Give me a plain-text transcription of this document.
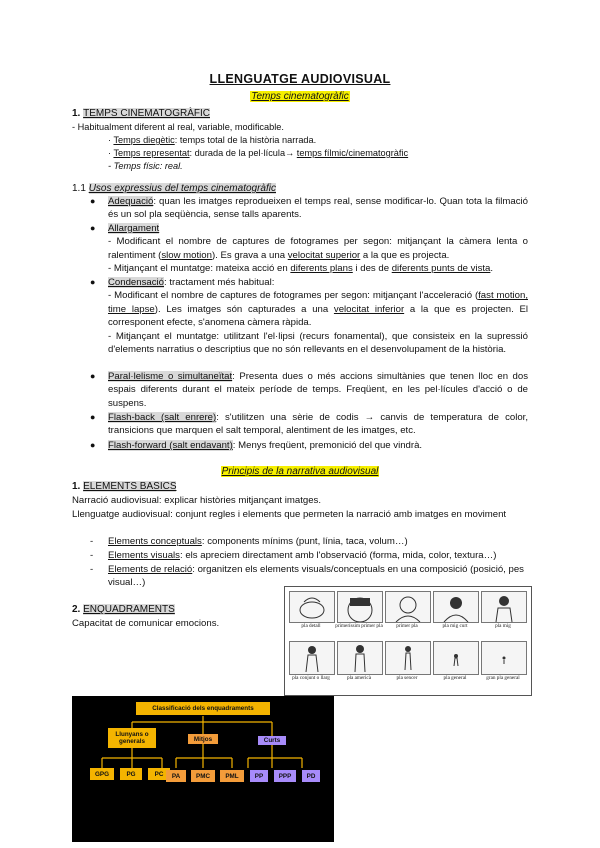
LLENGUATGE AUDIOVISUAL
Temps cinematogràfic
1. TEMPS CINEMATOGRÀFIC
- Habitualment diferent al real, variable, modificable.
· Temps diegètic: temps total de la història narrada.
· Temps representat: durada de la pel·lícula→ temps fílmic/cinematogràfic
- Temps físic: real.
1.1 Usos expressius del temps cinematogràfic
● Adequació: quan les imatges reprodueixen el temps real, sense modificar-lo. Quan tota la filmació és un sol pla seqüència, sense talls aparents.
● Allargament
- Modificant el nombre de captures de fotogrames per segon: mitjançant la càmera lenta o ralentiment (slow motion). Es grava a una velocitat superior a la que es projecta.
- Mitjançant el muntatge: mateixa acció en diferents plans i des de diferents punts de vista.
● Condensació: tractament més habitual:
- Modificant el nombre de captures de fotogrames per segon: mitjançant l'acceleració (fast motion, time lapse). Les imatges són capturades a una velocitat inferior a la que es projecten. El corresponent efecte, s'anomena càmera ràpida.
- Mitjançant el muntatge: utilitzant l'el·lipsi (recurs fonamental), que consisteix en la supressió d'elements narratius o descriptius que no són rellevants en el desenvolupament de la història.
● Paral·lelisme o simultaneïtat: Presenta dues o més accions simultànies que tenen lloc en dos espais diferents durant el mateix període de temps. Freqüent, en les pel·lícules d'acció o de suspens.
● Flash-back (salt enrere): s'utilitzen una sèrie de codis → canvis de temperatura de color, transicions que marquen el salt temporal, alentiment de les imatges, etc.
● Flash-forward (salt endavant): Menys freqüent, premonició del que vindrà.
Principis de la narrativa audiovisual
1. ELEMENTS BASICS
Narració audiovisual: explicar històries mitjançant imatges.
Llenguatge audiovisual: conjunt regles i elements que permeten la narració amb imatges en moviment
- Elements conceptuals: components mínims (punt, línia, taca, volum…)
- Elements visuals: els apreciem directament amb l'observació (forma, mida, color, textura…)
- Elements de relació: organitzen els elements visuals/conceptuals en una composició (posició, pes visual…)
2. ENQUADRAMENTS
Capacitat de comunicar emocions.	pla detall	primeríssim primer pla	primer pla	pla mig curt	pla mig
pla conjunt o llarg	pla americà	pla sencer	pla general	gran pla general
Classificació dels enquadraments
Llunyans o generals	Mitjos	Curts
GPG	PG	PC	PA	PMC	PML	PP	PPP	PD
